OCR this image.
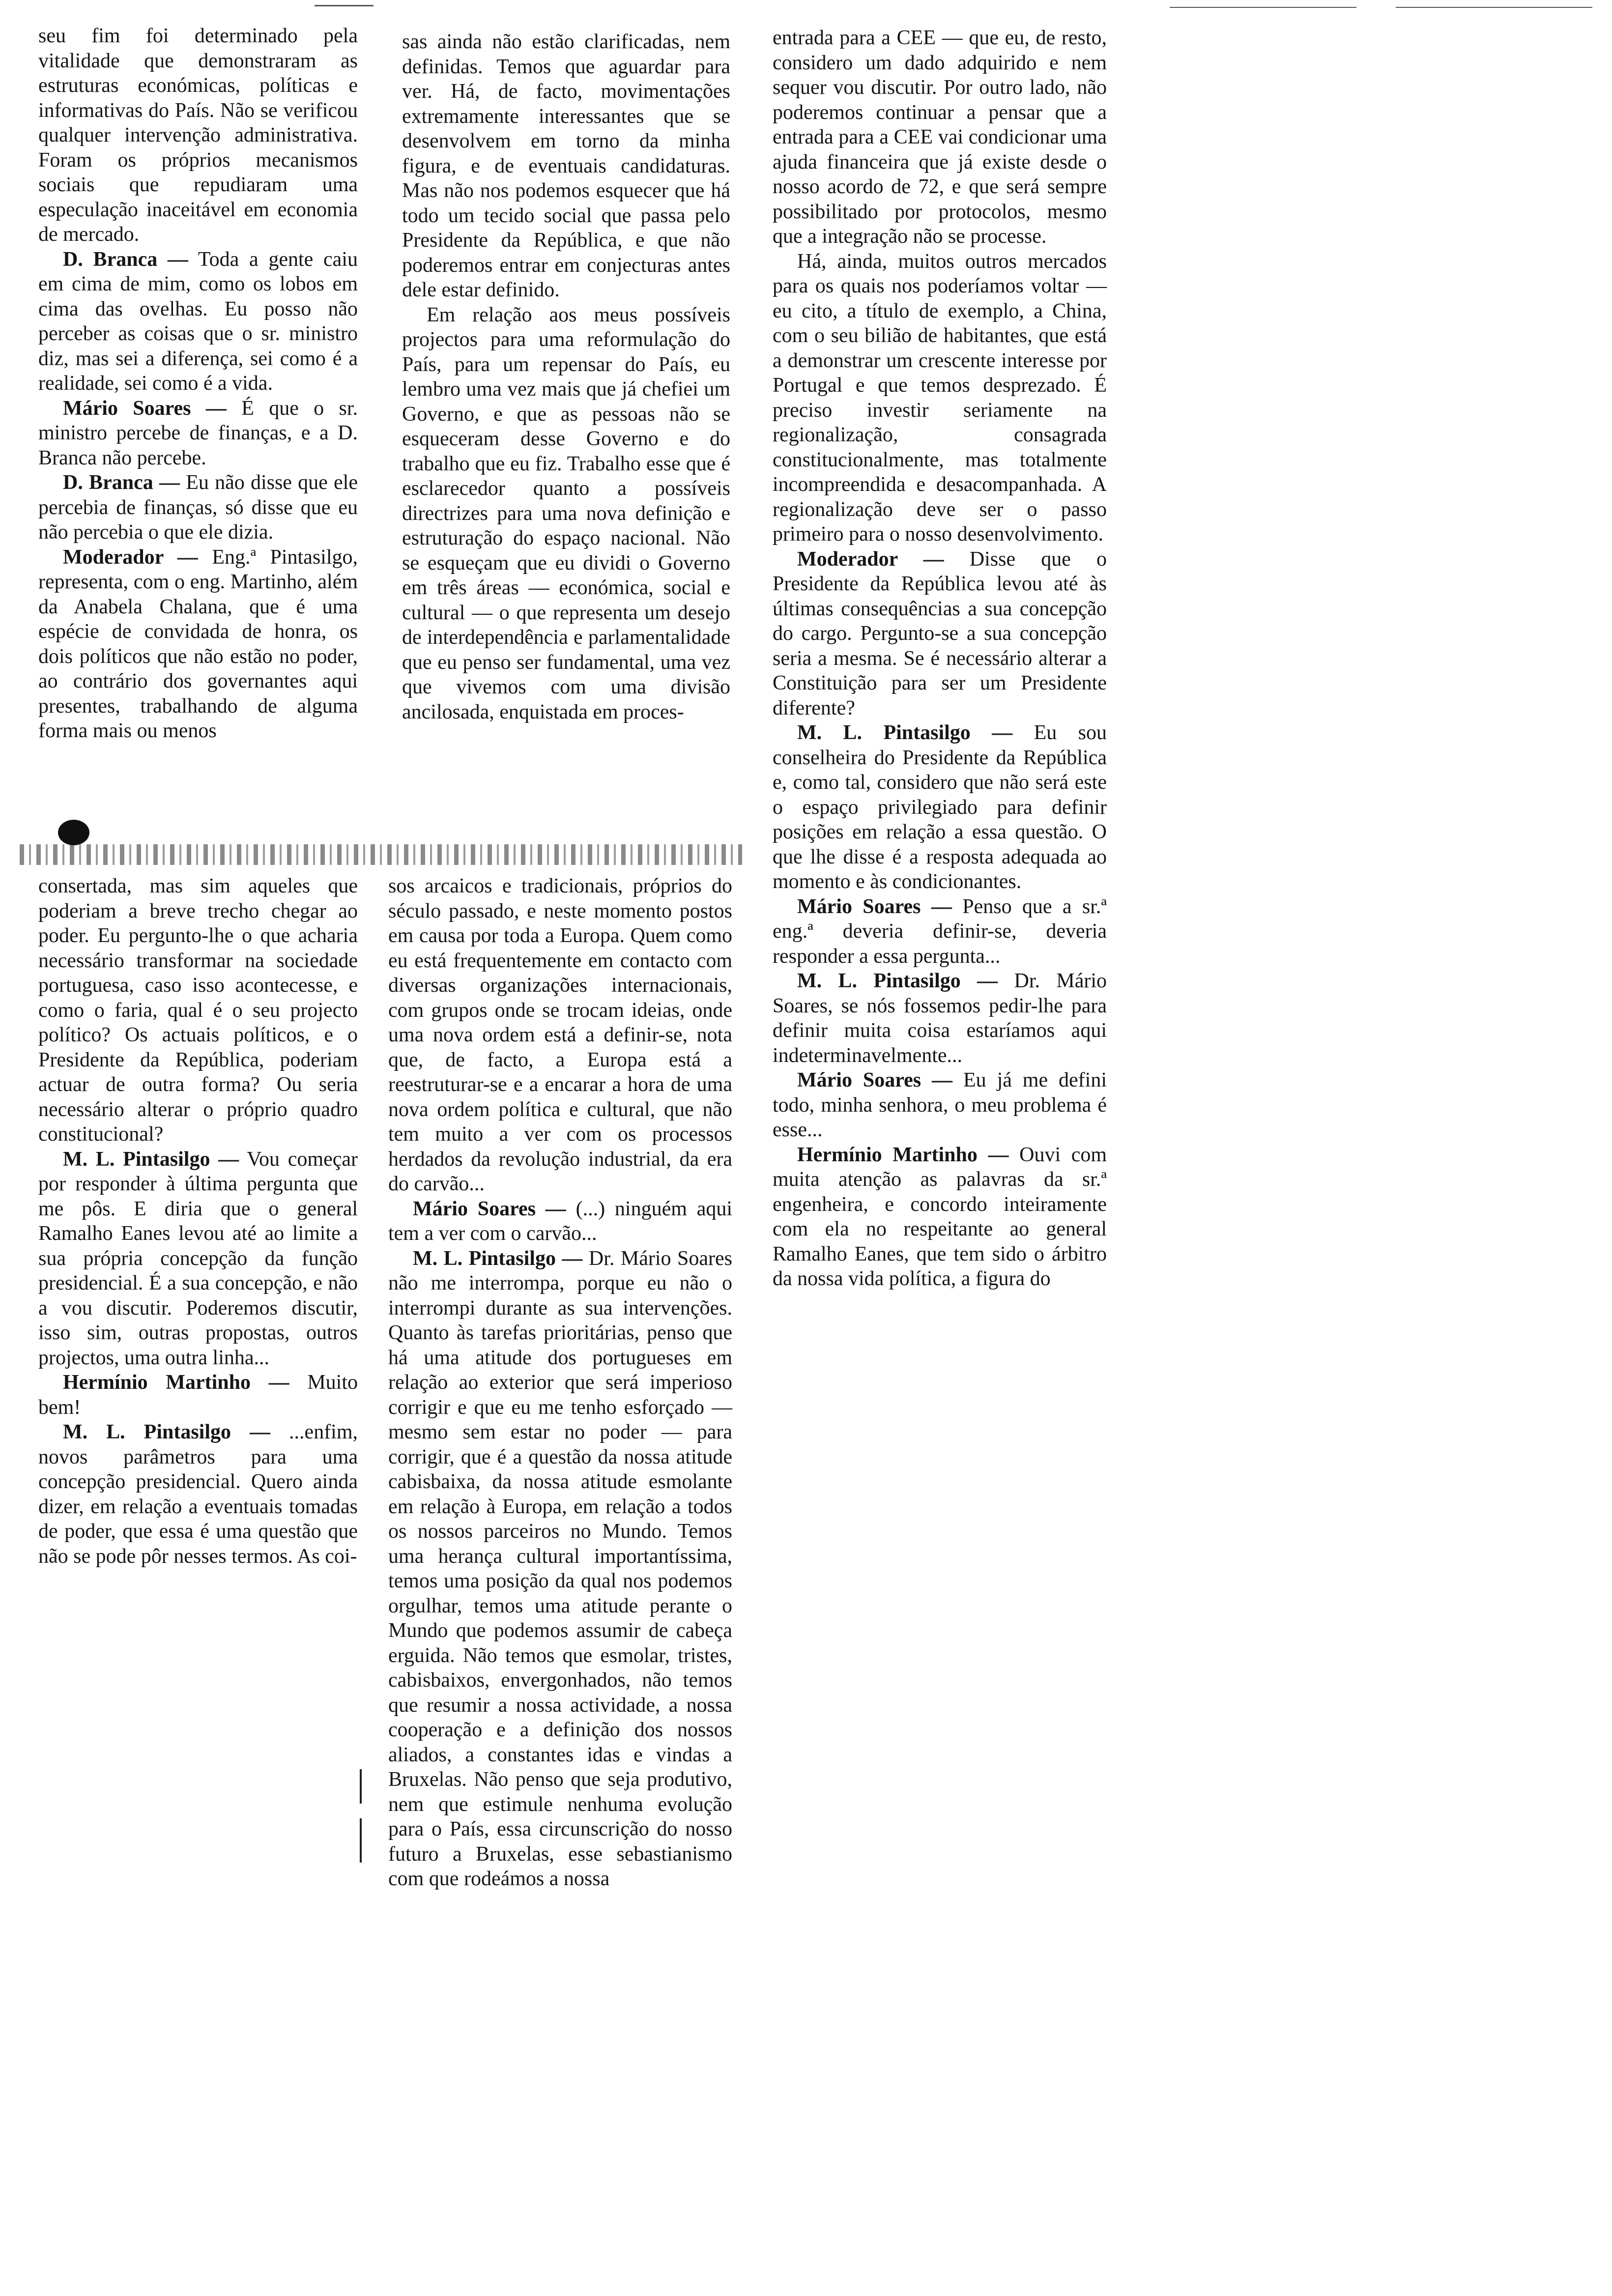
seu fim foi determinado pela vitalidade que demonstraram as estruturas económicas, políticas e informativas do País. Não se verificou qualquer intervenção administrativa. Foram os próprios mecanismos sociais que repudiaram uma especulação inaceitável em economia de mercado.

D. Branca — Toda a gente caiu em cima de mim, como os lobos em cima das ovelhas. Eu posso não perceber as coisas que o sr. ministro diz, mas sei a diferença, sei como é a realidade, sei como é a vida.

Mário Soares — É que o sr. ministro percebe de finanças, e a D. Branca não percebe.

D. Branca — Eu não disse que ele percebia de finanças, só disse que eu não percebia o que ele dizia.

Moderador — Eng.ª Pintasilgo, representa, com o eng. Martinho, além da Anabela Chalana, que é uma espécie de convidada de honra, os dois políticos que não estão no poder, ao contrário dos governantes aqui presentes, trabalhando de alguma forma mais ou menos

consertada, mas sim aqueles que poderiam a breve trecho chegar ao poder. Eu pergunto-lhe o que acharia necessário transformar na sociedade portuguesa, caso isso acontecesse, e como o faria, qual é o seu projecto político? Os actuais políticos, e o Presidente da República, poderiam actuar de outra forma? Ou seria necessário alterar o próprio quadro constitucional?

M. L. Pintasilgo — Vou começar por responder à última pergunta que me pôs. E diria que o general Ramalho Eanes levou até ao limite a sua própria concepção da função presidencial. É a sua concepção, e não a vou discutir. Poderemos discutir, isso sim, outras propostas, outros projectos, uma outra linha...

Hermínio Martinho — Muito bem!

M. L. Pintasilgo — ...enfim, novos parâmetros para uma concepção presidencial. Quero ainda dizer, em relação a eventuais tomadas de poder, que essa é uma questão que não se pode pôr nesses termos. As coi-

sas ainda não estão clarificadas, nem definidas. Temos que aguardar para ver. Há, de facto, movimentações extremamente interessantes que se desenvolvem em torno da minha figura, e de eventuais candidaturas. Mas não nos podemos esquecer que há todo um tecido social que passa pelo Presidente da República, e que não poderemos entrar em conjecturas antes dele estar definido.

Em relação aos meus possíveis projectos para uma reformulação do País, para um repensar do País, eu lembro uma vez mais que já chefiei um Governo, e que as pessoas não se esqueceram desse Governo e do trabalho que eu fiz. Trabalho esse que é esclarecedor quanto a possíveis directrizes para uma nova definição e estruturação do espaço nacional. Não se esqueçam que eu dividi o Governo em três áreas — económica, social e cultural — o que representa um desejo de interdependência e parlamentalidade que eu penso ser fundamental, uma vez que vivemos com uma divisão ancilosada, enquistada em proces-

sos arcaicos e tradicionais, próprios do século passado, e neste momento postos em causa por toda a Europa. Quem como eu está frequentemente em contacto com diversas organizações internacionais, com grupos onde se trocam ideias, onde uma nova ordem está a definir-se, nota que, de facto, a Europa está a reestruturar-se e a encarar a hora de uma nova ordem política e cultural, que não tem muito a ver com os processos herdados da revolução industrial, da era do carvão...

Mário Soares — (...) ninguém aqui tem a ver com o carvão...

M. L. Pintasilgo — Dr. Mário Soares não me interrompa, porque eu não o interrompi durante as sua intervenções. Quanto às tarefas prioritárias, penso que há uma atitude dos portugueses em relação ao exterior que será imperioso corrigir e que eu me tenho esforçado — mesmo sem estar no poder — para corrigir, que é a questão da nossa atitude cabisbaixa, da nossa atitude esmolante em relação à Europa, em relação a todos os nossos parceiros no Mundo. Temos uma herança cultural importantíssima, temos uma posição da qual nos podemos orgulhar, temos uma atitude perante o Mundo que podemos assumir de cabeça erguida. Não temos que esmolar, tristes, cabisbaixos, envergonhados, não temos que resumir a nossa actividade, a nossa cooperação e a definição dos nossos aliados, a constantes idas e vindas a Bruxelas. Não penso que seja produtivo, nem que estimule nenhuma evolução para o País, essa circunscrição do nosso futuro a Bruxelas, esse sebastianismo com que rodeámos a nossa

entrada para a CEE — que eu, de resto, considero um dado adquirido e nem sequer vou discutir. Por outro lado, não poderemos continuar a pensar que a entrada para a CEE vai condicionar uma ajuda financeira que já existe desde o nosso acordo de 72, e que será sempre possibilitado por protocolos, mesmo que a integração não se processe.

Há, ainda, muitos outros mercados para os quais nos poderíamos voltar — eu cito, a título de exemplo, a China, com o seu bilião de habitantes, que está a demonstrar um crescente interesse por Portugal e que temos desprezado. É preciso investir seriamente na regionalização, consagrada constitucionalmente, mas totalmente incompreendida e desacompanhada. A regionalização deve ser o passo primeiro para o nosso desenvolvimento.

Moderador — Disse que o Presidente da República levou até às últimas consequências a sua concepção do cargo. Pergunto-se a sua concepção seria a mesma. Se é necessário alterar a Constituição para ser um Presidente diferente?

M. L. Pintasilgo — Eu sou conselheira do Presidente da República e, como tal, considero que não será este o espaço privilegiado para definir posições em relação a essa questão. O que lhe disse é a resposta adequada ao momento e às condicionantes.

Mário Soares — Penso que a sr.ª eng.ª deveria definir-se, deveria responder a essa pergunta...

M. L. Pintasilgo — Dr. Mário Soares, se nós fossemos pedir-lhe para definir muita coisa estaríamos aqui indeterminavelmente...

Mário Soares — Eu já me defini todo, minha senhora, o meu problema é esse...

Hermínio Martinho — Ouvi com muita atenção as palavras da sr.ª engenheira, e concordo inteiramente com ela no respeitante ao general Ramalho Eanes, que tem sido o árbitro da nossa vida política, a figura do
